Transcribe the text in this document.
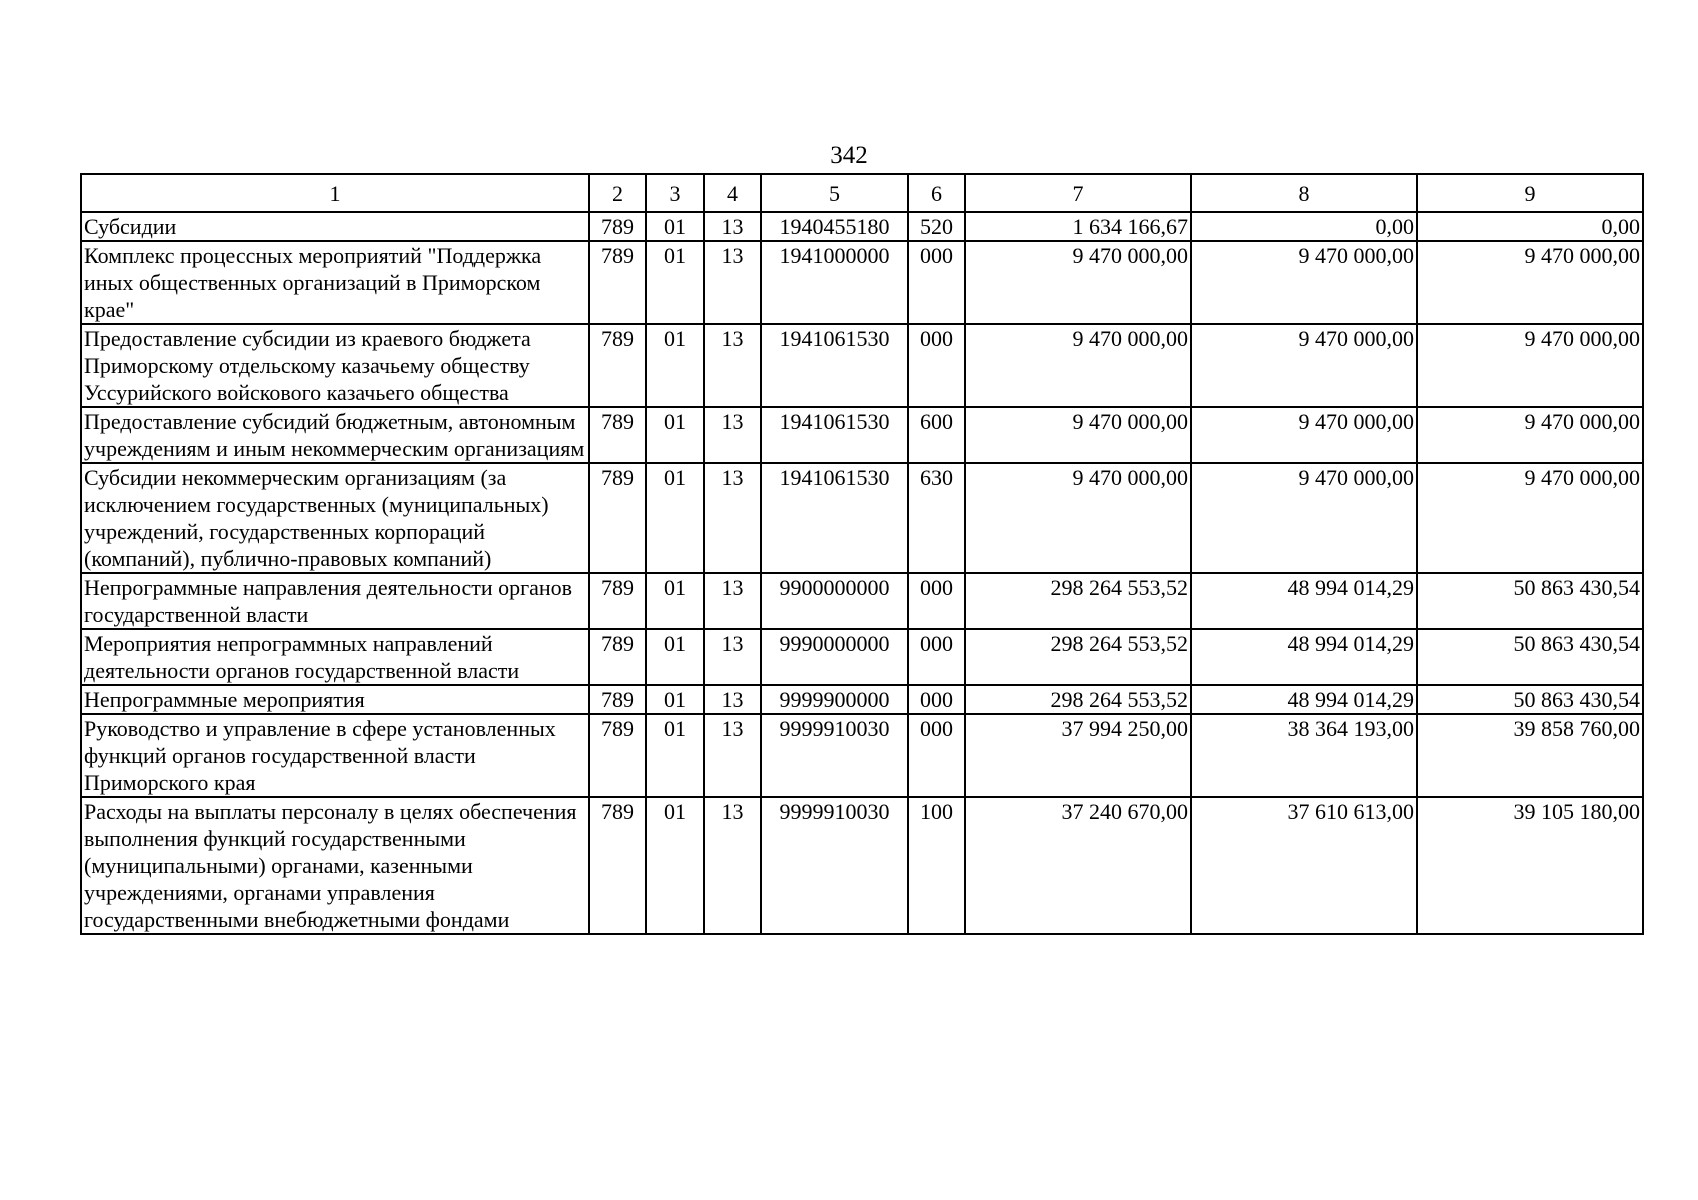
342
1	2	3	4	5	6	7	8	9
Субсидии	789	01	13	1940455180	520	1 634 166,67	0,00	0,00
Комплекс процессных мероприятий "Поддержка иных общественных организаций в Приморском крае"	789	01	13	1941000000	000	9 470 000,00	9 470 000,00	9 470 000,00
Предоставление субсидии из краевого бюджета Приморскому отдельскому казачьему обществу Уссурийского войскового казачьего общества	789	01	13	1941061530	000	9 470 000,00	9 470 000,00	9 470 000,00
Предоставление субсидий бюджетным, автономным учреждениям и иным некоммерческим организациям	789	01	13	1941061530	600	9 470 000,00	9 470 000,00	9 470 000,00
Субсидии некоммерческим организациям (за исключением государственных (муниципальных) учреждений, государственных корпораций (компаний), публично-правовых компаний)	789	01	13	1941061530	630	9 470 000,00	9 470 000,00	9 470 000,00
Непрограммные направления деятельности органов государственной власти	789	01	13	9900000000	000	298 264 553,52	48 994 014,29	50 863 430,54
Мероприятия непрограммных направлений деятельности органов государственной власти	789	01	13	9990000000	000	298 264 553,52	48 994 014,29	50 863 430,54
Непрограммные мероприятия	789	01	13	9999900000	000	298 264 553,52	48 994 014,29	50 863 430,54
Руководство и управление в сфере установленных функций органов государственной власти Приморского края	789	01	13	9999910030	000	37 994 250,00	38 364 193,00	39 858 760,00
Расходы на выплаты персоналу в целях обеспечения выполнения функций государственными (муниципальными) органами, казенными учреждениями, органами управления государственными внебюджетными фондами	789	01	13	9999910030	100	37 240 670,00	37 610 613,00	39 105 180,00
